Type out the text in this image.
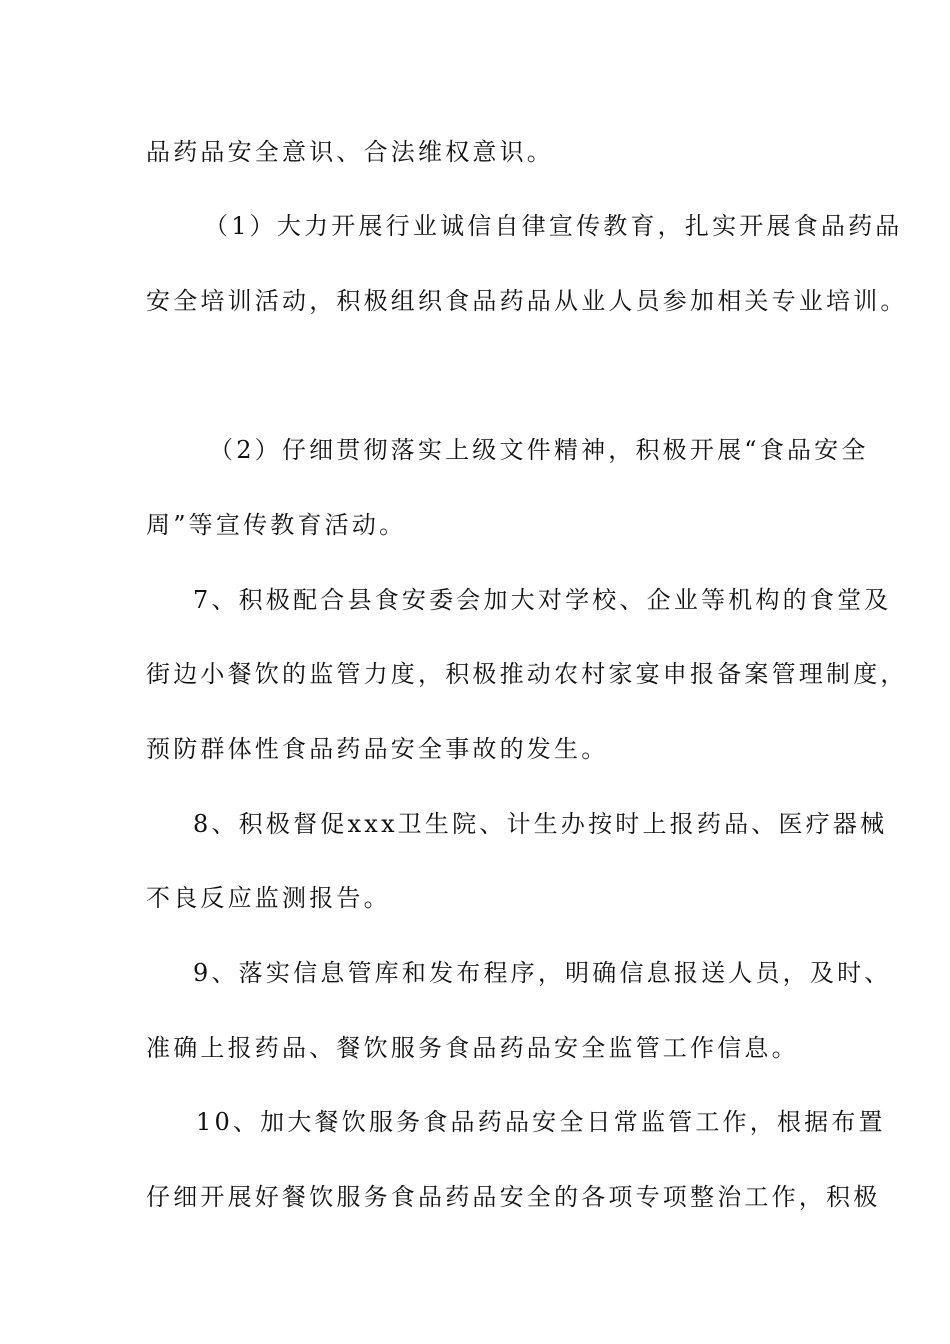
品药品安全意识、合法维权意识。

（1）大力开展行业诚信自律宣传教育，扎实开展食品药品

安全培训活动，积极组织食品药品从业人员参加相关专业培训。

（2）仔细贯彻落实上级文件精神，积极开展“食品安全

周”等宣传教育活动。

7、积极配合县食安委会加大对学校、企业等机构的食堂及

街边小餐饮的监管力度，积极推动农村家宴申报备案管理制度，

预防群体性食品药品安全事故的发生。

8、积极督促xxx卫生院、计生办按时上报药品、医疗器械

不良反应监测报告。

9、落实信息管库和发布程序，明确信息报送人员，及时、

准确上报药品、餐饮服务食品药品安全监管工作信息。

10、加大餐饮服务食品药品安全日常监管工作，根据布置

仔细开展好餐饮服务食品药品安全的各项专项整治工作，积极
